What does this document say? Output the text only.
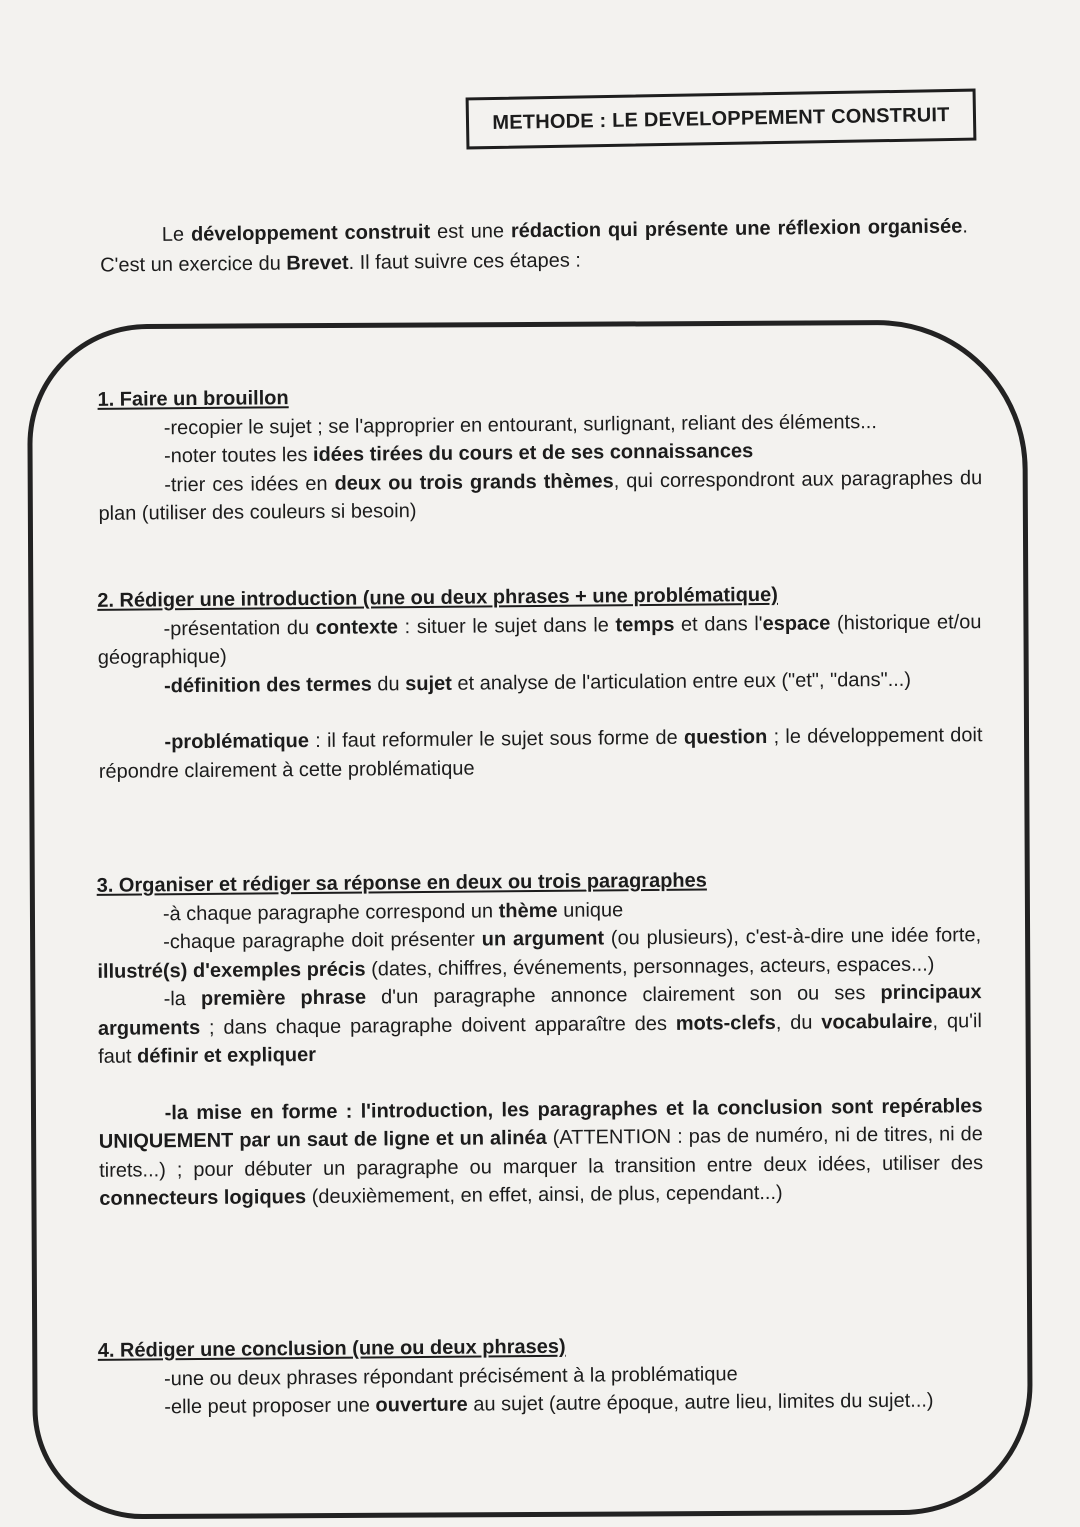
METHODE : LE DEVELOPPEMENT CONSTRUIT
Le développement construit est une rédaction qui présente une réflexion organisée. C'est un exercice du Brevet. Il faut suivre ces étapes :
1. Faire un brouillon
-recopier le sujet ; se l'approprier en entourant, surlignant, reliant des éléments...
-noter toutes les idées tirées du cours et de ses connaissances
-trier ces idées en deux ou trois grands thèmes, qui correspondront aux paragraphes du plan (utiliser des couleurs si besoin)
2. Rédiger une introduction (une ou deux phrases + une problématique)
-présentation du contexte : situer le sujet dans le temps et dans l'espace (historique et/ou géographique)
-définition des termes du sujet et analyse de l'articulation entre eux ("et", "dans"...)
-problématique : il faut reformuler le sujet sous forme de question ; le développement doit répondre clairement à cette problématique
3. Organiser et rédiger sa réponse en deux ou trois paragraphes
-à chaque paragraphe correspond un thème unique
-chaque paragraphe doit présenter un argument (ou plusieurs), c'est-à-dire une idée forte, illustré(s) d'exemples précis (dates, chiffres, événements, personnages, acteurs, espaces...)
-la première phrase d'un paragraphe annonce clairement son ou ses principaux arguments ; dans chaque paragraphe doivent apparaître des mots-clefs, du vocabulaire, qu'il faut définir et expliquer
-la mise en forme : l'introduction, les paragraphes et la conclusion sont repérables UNIQUEMENT par un saut de ligne et un alinéa (ATTENTION : pas de numéro, ni de titres, ni de tirets...) ; pour débuter un paragraphe ou marquer la transition entre deux idées, utiliser des connecteurs logiques (deuxièmement, en effet, ainsi, de plus, cependant...)
4. Rédiger une conclusion (une ou deux phrases)
-une ou deux phrases répondant précisément à la problématique
-elle peut proposer une ouverture au sujet (autre époque, autre lieu, limites du sujet...)
